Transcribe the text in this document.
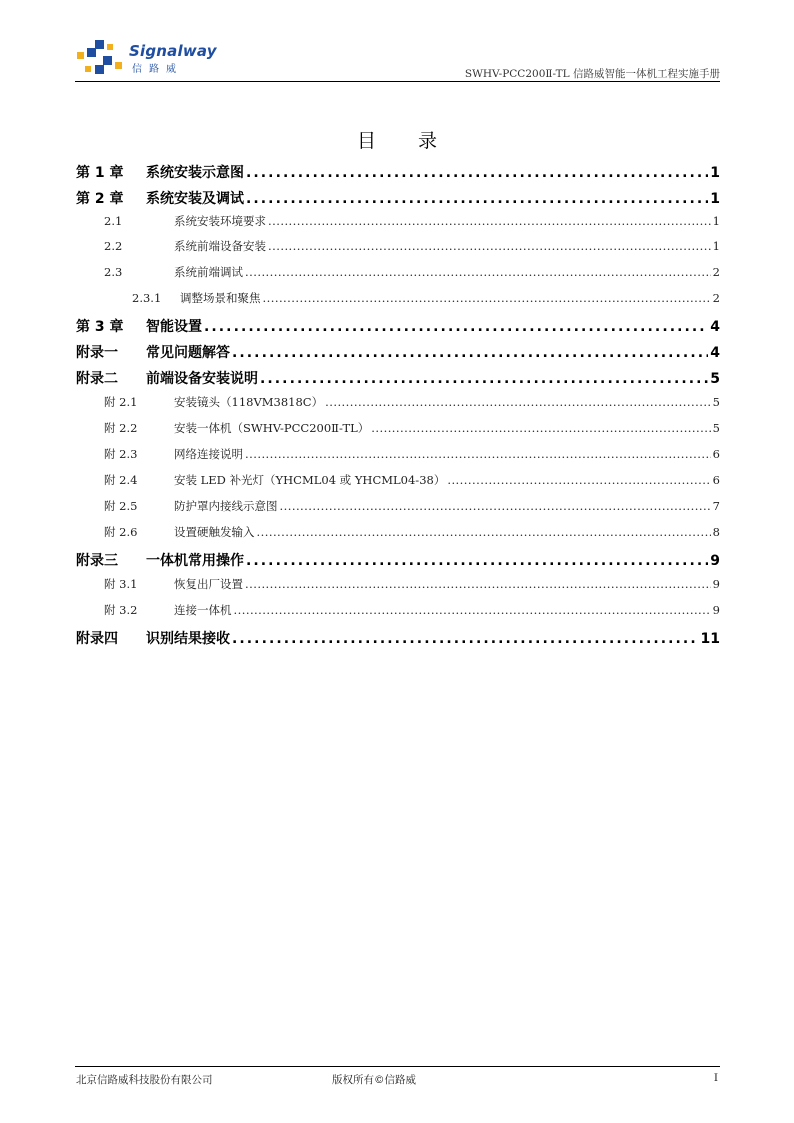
Signalway
信路威	SWHV-PCC200Ⅱ-TL 信路威智能一体机工程实施手册
目 录
第 1 章 系统安装示意图 . . .	1
第 2 章 系统安装及调试 . . .	1
2.1	系统安装环境要求 . . .	1
2.2	系统前端设备安装 . . .	1
2.3	系统前端调试 . . .	2
2.3.1 调整场景和聚焦 . . .	2
第 3 章 智能设置 . . .	4
附录一 常见问题解答 . . .	4
附录二 前端设备安装说明 . . .	5
附 2.1	安装镜头（118VM3818C） . . .	5
附 2.2	安装一体机（SWHV-PCC200Ⅱ-TL） . . .	5
附 2.3	网络连接说明 . . .	6
附 2.4	安装 LED 补光灯（YHCML04 或 YHCML04-38） . . .	6
附 2.5	防护罩内接线示意图 . . .	7
附 2.6	设置硬触发输入 . . .	8
附录三 一体机常用操作 . . .	9
附 3.1	恢复出厂设置 . . .	9
附 3.2	连接一体机 . . .	9
附录四 识别结果接收 . . .	11
北京信路威科技股份有限公司	版权所有©信路威	I
